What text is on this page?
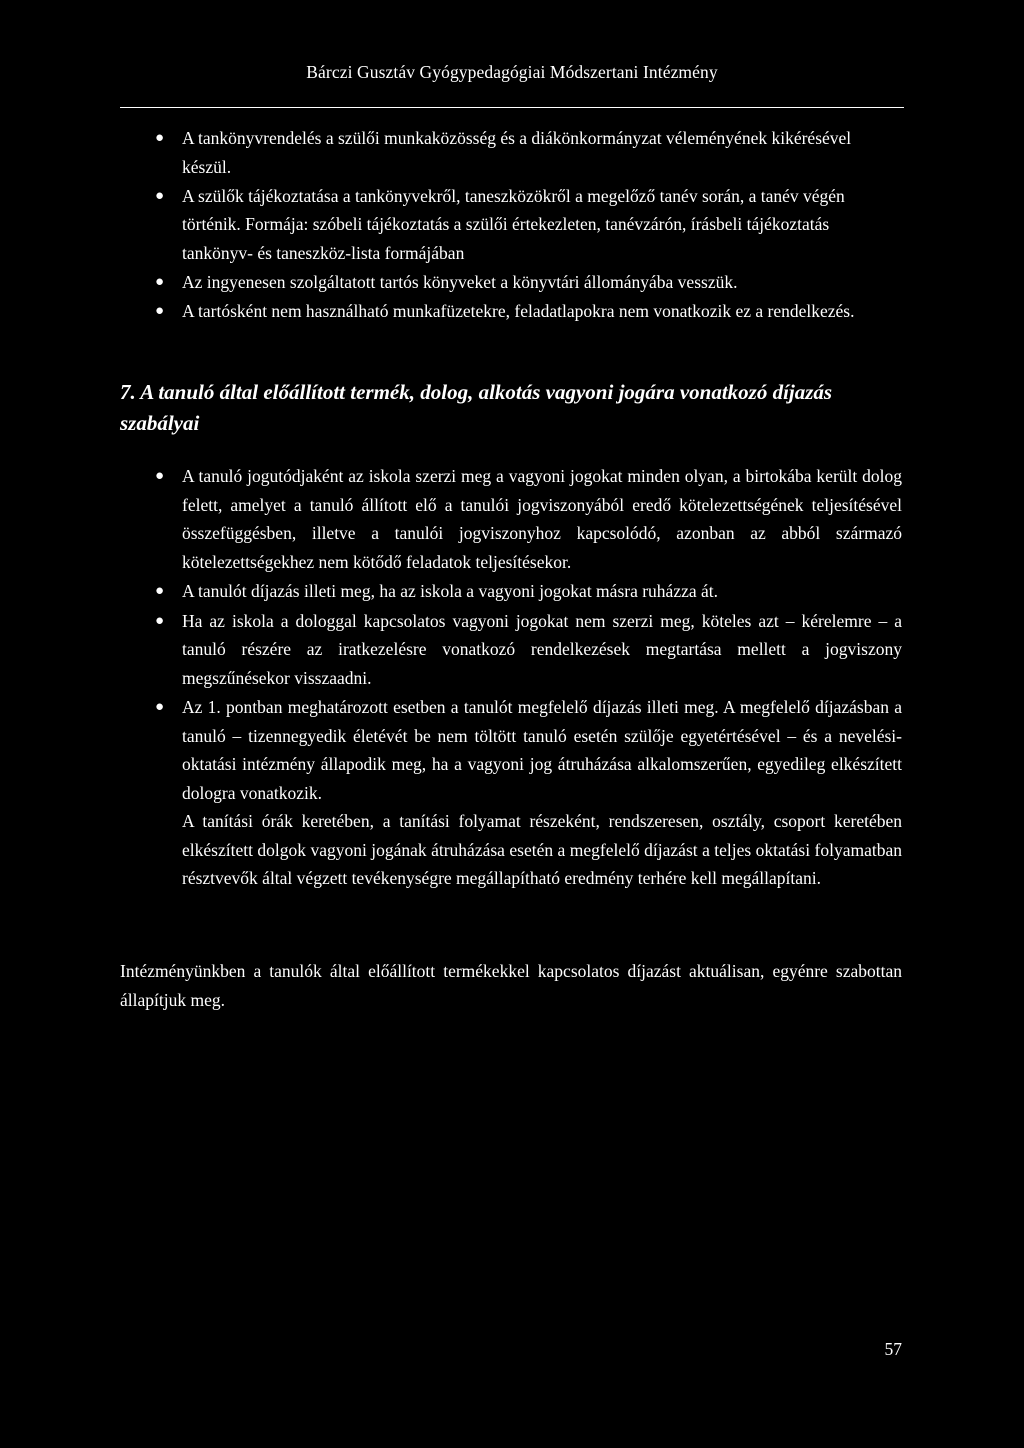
Bárczi Gusztáv Gyógypedagógiai Módszertani Intézmény
● A tankönyvrendelés a szülői munkaközösség és a diákönkormányzat véleményének kikérésével készül.
● A szülők tájékoztatása a tankönyvekről, taneszközökről a megelőző tanév során, a tanév végén történik. Formája: szóbeli tájékoztatás a szülői értekezleten, tanévzárón, írásbeli tájékoztatás tankönyv- és taneszköz-lista formájában
● Az ingyenesen szolgáltatott tartós könyveket a könyvtári állományába vesszük.
● A tartósként nem használható munkafüzetekre, feladatlapokra nem vonatkozik ez a rendelkezés.
7. A tanuló által előállított termék, dolog, alkotás vagyoni jogára vonatkozó díjazás szabályai
● A tanuló jogutódjaként az iskola szerzi meg a vagyoni jogokat minden olyan, a birtokába került dolog felett, amelyet a tanuló állított elő a tanulói jogviszonyából eredő kötelezettségének teljesítésével összefüggésben, illetve a tanulói jogviszonyhoz kapcsolódó, azonban az abból származó kötelezettségekhez nem kötődő feladatok teljesítésekor.
● A tanulót díjazás illeti meg, ha az iskola a vagyoni jogokat másra ruházza át.
● Ha az iskola a dologgal kapcsolatos vagyoni jogokat nem szerzi meg, köteles azt – kérelemre – a tanuló részére az iratkezelésre vonatkozó rendelkezések megtartása mellett a jogviszony megszűnésekor visszaadni.
● Az 1. pontban meghatározott esetben a tanulót megfelelő díjazás illeti meg. A megfelelő díjazásban a tanuló – tizennegyedik életévét be nem töltött tanuló esetén szülője egyetértésével – és a nevelési-oktatási intézmény állapodik meg, ha a vagyoni jog átruházása alkalomszerűen, egyedileg elkészített dologra vonatkozik.
A tanítási órák keretében, a tanítási folyamat részeként, rendszeresen, osztály, csoport keretében elkészített dolgok vagyoni jogának átruházása esetén a megfelelő díjazást a teljes oktatási folyamatban résztvevők által végzett tevékenységre megállapítható eredmény terhére kell megállapítani.
Intézményünkben a tanulók által előállított termékekkel kapcsolatos díjazást aktuálisan, egyénre szabottan állapítjuk meg.
57
